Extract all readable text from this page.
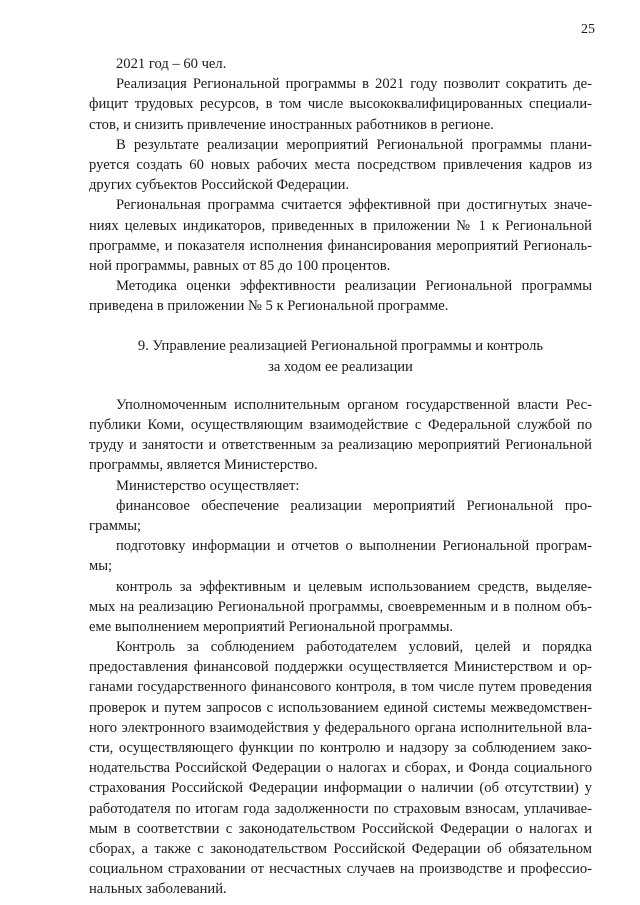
25
2021 год – 60 чел.
Реализация Региональной программы в 2021 году позволит сократить де-
фицит трудовых ресурсов, в том числе высококвалифицированных специали-
стов, и снизить привлечение иностранных работников в регионе.
В результате реализации мероприятий Региональной программы плани-
руется создать 60 новых рабочих места посредством привлечения кадров из
других субъектов Российской Федерации.
Региональная программа считается эффективной при достигнутых значе-
ниях целевых индикаторов, приведенных в приложении № 1 к Региональной
программе, и показателя исполнения финансирования мероприятий Региональ-
ной программы, равных от 85 до 100 процентов.
Методика оценки эффективности реализации Региональной программы
приведена в приложении № 5 к Региональной программе.
9. Управление реализацией Региональной программы и контроль
за ходом ее реализации
Уполномоченным исполнительным органом государственной власти Рес-
публики Коми, осуществляющим взаимодействие с Федеральной службой по
труду и занятости и ответственным за реализацию мероприятий Региональной
программы, является Министерство.
Министерство осуществляет:
финансовое обеспечение реализации мероприятий Региональной про-
граммы;
подготовку информации и отчетов о выполнении Региональной програм-
мы;
контроль за эффективным и целевым использованием средств, выделяе-
мых на реализацию Региональной программы, своевременным и в полном объ-
еме выполнением мероприятий Региональной программы.
Контроль за соблюдением работодателем условий, целей и порядка
предоставления финансовой поддержки осуществляется Министерством и ор-
ганами государственного финансового контроля, в том числе путем проведения
проверок и путем запросов с использованием единой системы межведомствен-
ного электронного взаимодействия у федерального органа исполнительной вла-
сти, осуществляющего функции по контролю и надзору за соблюдением зако-
нодательства Российской Федерации о налогах и сборах, и Фонда социального
страхования Российской Федерации информации о наличии (об отсутствии) у
работодателя по итогам года задолженности по страховым взносам, уплачивае-
мым в соответствии с законодательством Российской Федерации о налогах и
сборах, а также с законодательством Российской Федерации об обязательном
социальном страховании от несчастных случаев на производстве и профессио-
нальных заболеваний.
